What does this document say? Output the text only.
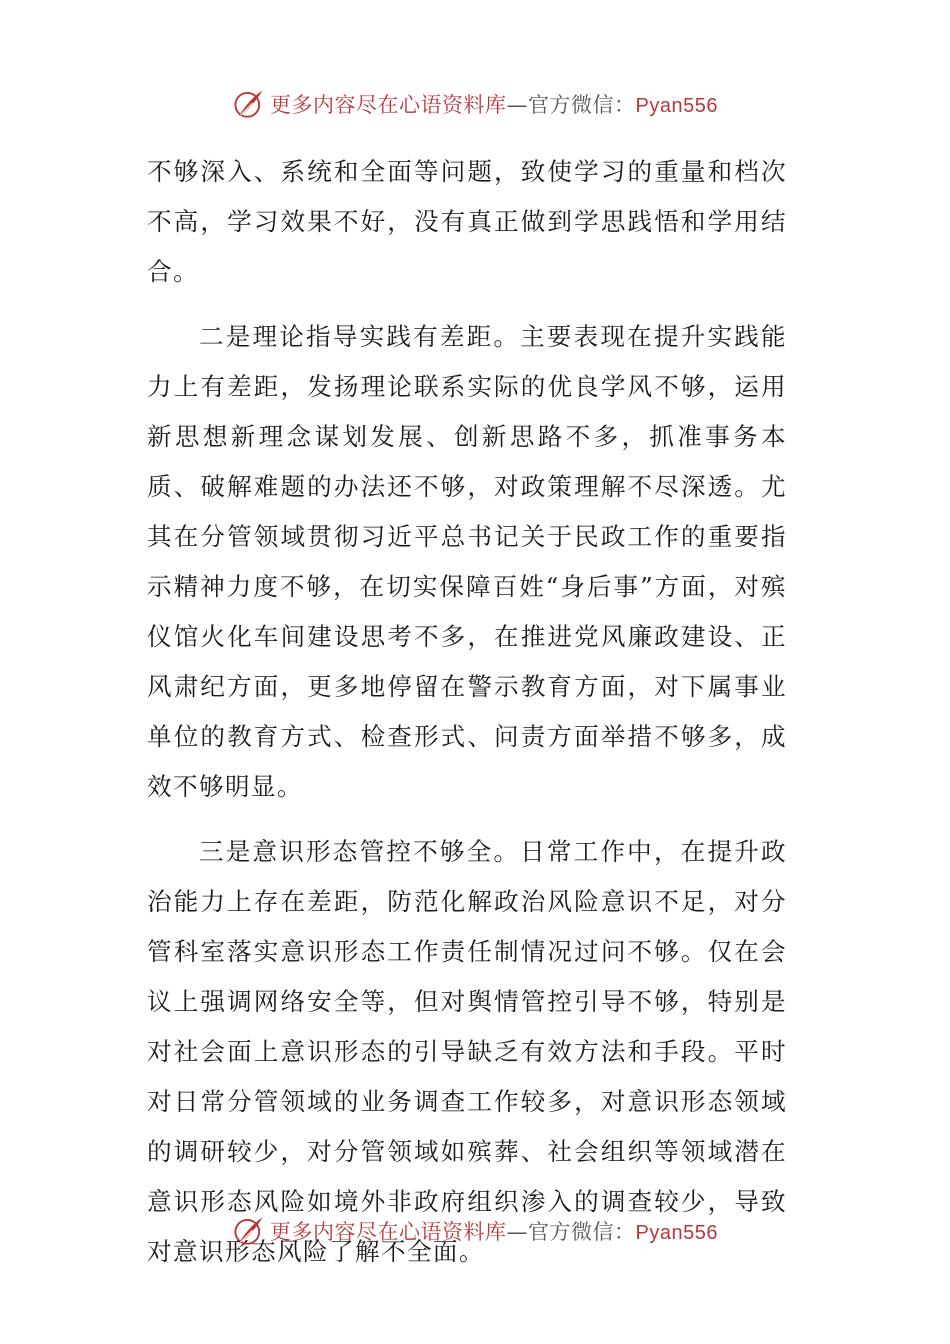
更多内容尽在心语资料库—官方微信：Pyan556

不够深入、系统和全面等问题，致使学习的重量和档次不高，学习效果不好，没有真正做到学思践悟和学用结合。

二是理论指导实践有差距。主要表现在提升实践能力上有差距，发扬理论联系实际的优良学风不够，运用新思想新理念谋划发展、创新思路不多，抓准事务本质、破解难题的办法还不够，对政策理解不尽深透。尤其在分管领域贯彻习近平总书记关于民政工作的重要指示精神力度不够，在切实保障百姓“身后事”方面，对殡仪馆火化车间建设思考不多，在推进党风廉政建设、正风肃纪方面，更多地停留在警示教育方面，对下属事业单位的教育方式、检查形式、问责方面举措不够多，成效不够明显。

三是意识形态管控不够全。日常工作中，在提升政治能力上存在差距，防范化解政治风险意识不足，对分管科室落实意识形态工作责任制情况过问不够。仅在会议上强调网络安全等，但对舆情管控引导不够，特别是对社会面上意识形态的引导缺乏有效方法和手段。平时对日常分管领域的业务调查工作较多，对意识形态领域的调研较少，对分管领域如殡葬、社会组织等领域潜在意识形态风险如境外非政府组织渗入的调查较少，导致对意识形态风险了解不全面。

更多内容尽在心语资料库—官方微信：Pyan556
